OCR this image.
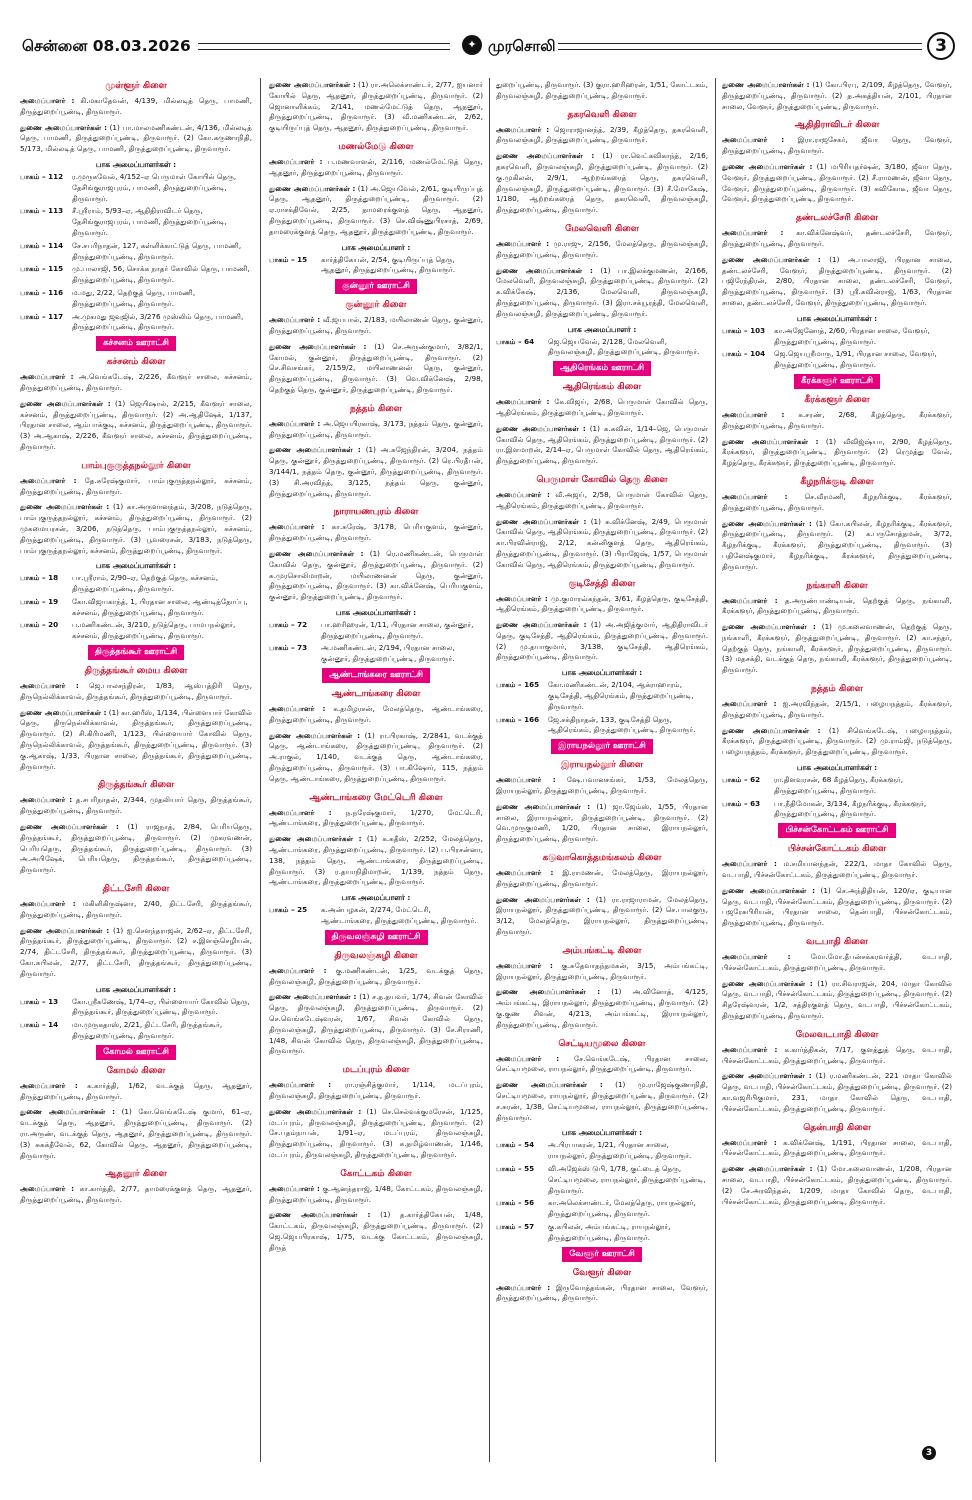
சென்னை 08.03.2026	✦ முரசொலி	3
முள்ளூர் கிளை
அமைப்பாளர் : கி.மகாதேவன், 4/139, மில்லடித் தெரு, பாமணி, திருத்துறைப்பூண்டி, திருவாரூர்.
துணை அமைப்பாளர்கள் : (1) பா.மாலமணிகண்டன், 4/136, மில்லடித் தெரு, பாமணி, திருத்துறைப்பூண்டி, திருவாரூர். (2) கோ.கருணாநிதி, 5/173, மில்லடித் தெரு, பாமணி, திருத்துறைப்பூண்டி, திருவாரூர்.
பாக அமைப்பாளர்கள் :
பாகம் – 112	ர.முருகவேல், 4/152–ஏ பெருமாள் கோயில் தெரு, தேசிங்குராஜபுரம், பாமணி, திருத்துறைப்பூண்டி, திருவாரூர்.
பாகம் – 113	சீ.ஸ்ரீராம், 5/93–ஏ, ஆதிதிராவிடர் தெரு, தேசிங்குராஜபுரம், பாமணி, திருத்துறைப்பூண்டி, திருவாரூர்.
பாகம் – 114	சே.சபரிநாதன், 127, கள்ளிக்காட்டுத் தெரு, பாமணி, திருத்துறைப்பூண்டி, திருவாரூர்.
பாகம் – 115	மு.பாலாஜி, 56, சொக்க நாதர் கோவில் தெரு, பாமணி, திருத்துறைப்பூண்டி, திருவாரூர்.
பாகம் – 116	ம.மது, 2/22, தெற்குத் தெரு, பாமணி, திருத்துறைப்பூண்டி, திருவாரூர்.
பாகம் – 117	அ.முகமது ஜவுஜில், 3/276 முஸ்லிம் தெரு, பாமணி, திருத்துறைப்பூண்டி, திருவாரூர்.
கச்சனம் ஊராட்சி
கச்சனம் கிளை
அமைப்பாளர் : அ.வெங்கடேஷ், 2/226, கீவளூர் சாலை, கச்சனம், திருத்துறைப்பூண்டி, திருவாரூர்.
துணை அமைப்பாளர்கள் : (1) ஜெயிஷால், 2/215, கீவளூர் சாலை, கச்சனம், திருத்துறைப்பூண்டி, திருவாரூர். (2) அ.ஆதிஷேக், 1/137, பிரதான சாலை, ஆம்பாக்குடி, கச்சனம், திருத்துறைப்பூண்டி, திருவாரூர். (3) அ.ஆகாஷ், 2/226, கீவளூர் சாலை, கச்சனம், திருத்துறைப்பூண்டி, திருவாரூர்.
பாம்புகுருத்தநல்லூர் கிளை
அமைப்பாளர் : தே.சுரேஷ்குமார், பாம்புகுருத்தநல்லூர், கச்சனம், திருத்துறைப்பூண்டி, திருவாரூர்.
துணை அமைப்பாளர்கள் : (1) கா.அருளானந்தம், 3/208, நடுத்தெரு, பாம்புகுருத்தநல்லூர், கச்சனம், திருத்துறைப்பூண்டி, திருவாரூர். (2) முகமையரசன், 3/206, நடுத்தெரு, பாம்புகுருத்தநல்லூர், கச்சனம், திருத்துறைப்பூண்டி, திருவாரூர். (3) பூவரைசன், 3/183, நடுத்தெரு, பாம்புகுருத்தநல்லூர், கச்சனம், திருத்துறைப்பூண்டி, திருவாரூர்.
பாக அமைப்பாளர்கள் :
பாகம் – 18	பா.ஸ்ரீராம், 2/90–ஏ, தெற்குத் தெரு, கச்சனம், திருத்துறைப்பூண்டி, திருவாரூர்.
பாகம் – 19	கோ.விஜயகாந்த், 1, பிரதான சாலை, ஆண்டித்தோப்பு, கச்சனம், திருத்துறைப்பூண்டி, திருவாரூர்.
பாகம் – 20	ப.மணிகண்டன், 3/210, நடுத்தெரு, பாமபநல்லூர், கச்சனம், திருத்துறைப்பூண்டி, திருவாரூர்.
திருத்தங்கூர் ஊராட்சி
திருத்தங்கூர் மைய கிளை
அமைப்பாளர் : ஜெ.பாலசந்திரன், 1/83, ஆஸ்பத்திரி தெரு, திருநெல்லிக்காவல், திருத்தங்கூர், திருத்துறைப்பூண்டி, திருவாரூர்.
துணை அமைப்பாளர்கள் : (1) கா.ஹரீஸ், 1/134, பிள்ளையார் கோவில் தெரு, திருநெல்லிக்காவல், திருத்தங்கூர், திருத்துறைப்பூண்டி, திருவாரூர். (2) சி.கிரிமணி, 1/123, பிள்ளையார் கோவில் தெரு, திருநெல்லிக்காவல், திருத்தங்கூர், திருத்துறைப்பூண்டி, திருவாரூர். (3) கு.ஆகாஷ், 1/33, பிரதான சாலை, திருத்தங்கூர், திருத்துறைப்பூண்டி, திருவாரூர்.
திருத்தங்கூர் கிளை
அமைப்பாளர் : த.சபரிநாதன், 2/344, முதலியார் தெரு, திருத்தங்கூர், திருத்துறைப்பூண்டி, திருவாரூர்.
துணை அமைப்பாளர்கள் : (1) ராஜநாத், 2/84, பெரியதெரு, திருத்தங்கூர், திருத்துறைப்பூண்டி, திருவாரூர். (2) முகரவணன், பெரியதெரு, திருத்தங்கூர், திருத்துறைப்பூண்டி, திருவாரூர். (3) அ.அபிஷேக், பெரியதெரு, திருத்தங்கூர், திருத்துறைப்பூண்டி, திருவாரூர்.
திட்டசேரி கிளை
அமைப்பாளர் : மகிளிகிருஷ்னா, 2/40, திட்டசேரி, திருத்தங்கூர், திருத்துறைப்பூண்டி, திருவாரூர்.
துணை அமைப்பாளர்கள் : (1) ஐ.சௌந்தராஜன், 2/62–ஏ, திட்டசேரி, திருத்தங்கூர், திருத்துறைப்பூண்டி, திருவாரூர். (2) ச.இளஞ்செழியன், 2/74, திட்டசேரி, திருத்தங்கூர், திருத்துறைப்பூண்டி, திருவாரூர். (3) கோ.கபிலன், 2/77, திட்டசேரி, திருத்தங்கூர், திருத்துறைப்பூண்டி, திருவாரூர்.
பாக அமைப்பாளர்கள் :
பாகம் – 13	கோ.ஸ்ரீகணேஷ், 1/74–ஏ, பிள்ளையார் கோவில் தெரு, திருத்தங்கூர், திருத்துறைப்பூண்டி, திருவாரூர்.
பாகம் – 14	மா.முருகதாஸ், 2/21, திட்டசேரி, திருத்தங்கூர், திருத்துறைப்பூண்டி, திருவாரூர்.
கோமல் ஊராட்சி
கோமல் கிளை
அமைப்பாளர் : க.கார்த்தி, 1/62, வடக்குத் தெரு, ஆதனூர், திருத்துறைப்பூண்டி, திருவாரூர்.
துணை அமைப்பாளர்கள் : (1) கோ.வெங்கடேஷ் குமார், 61–ஏ, வடக்குத் தெரு, ஆதனூர், திருத்துறைப்பூண்டி, திருவாரூர். (2) ரா.அருண், வடக்குத் தெரு, ஆதனூர், திருத்துறைப்பூண்டி, திருவாரூர். (3) சுசுக்தீவேல், 62, கோவில் தெரு, ஆதனூர், திருத்துறைப்பூண்டி, திருவாரூர்.
ஆதனூர் கிளை
அமைப்பாளர் : கா.கார்த்தி, 2/77, தாமரைக்குளத் தெரு, ஆதனூர், திருத்துறைப்பூண்டி, திருவாரூர்.
துணை அமைப்பாளர்கள் : (1) ரா.அலெக்சாண்டர், 2/77, ஐயனார் கோயில் தெரு, ஆதனூர், திருத்துறைப்பூண்டி, திருவாரூர். (2) ஜொனாளிக்கம், 2/141, மணல்மேட்டுத் தெரு, ஆதனூர், திருத்துறைப்பூண்டி, திருவாரூர். (3) வீ.மணிகண்டன், 2/62, குடியிருப்புத் தெரு, ஆதனூர், திருத்துறைப்பூண்டி, திருவாரூர்.
மணல்மேடு கிளை
அமைப்பாளர் : ப.மணவாளன், 2/116, மணல்மேட்டுத் தெரு, ஆதனூர், திருத்துறைப்பூண்டி, திருவாரூர்.
துணை அமைப்பாளர்கள் : (1) அ.ஜெயவேல், 2/61, குடியிருப்புத் தெரு, ஆதனூர், திருத்துறைப்பூண்டி, திருவாரூர். (2) ஏ.ராசக்திவேல், 2/25, தாமரைக்குளத் தெரு, ஆதனூர், திருத்துறைப்பூண்டி, திருவாரூர். (3) செ.விஷ்ணுபிரசாத், 2/69, தாமரைக்குளத் தெரு, ஆதனூர், திருத்துறைப்பூண்டி, திருவாரூர்.
பாக அமைப்பாளர் :
பாகம் – 15	கார்த்திகேயன், 2/54, குடியிருப்புத் தெரு, ஆதனூர், திருத்துறைப்பூண்டி, திருவாரூர்.
குன்னூர் ஊராட்சி
குன்னூர் கிளை
அமைப்பாளர் : வீ.ஜயபால், 2/183, மயிலாணன் தெரு, குன்னூர், திருத்துறைப்பூண்டி, திருவாரூர்.
துணை அமைப்பாளர்கள் : (1) செ.அருண்குமார், 3/82/1, கோமல், குன்னூர், திருத்துறைப்பூண்டி, திருவாரூர். (2) செ.சிவசங்கர், 2/159/2, மயிலாணனன் தெரு, குன்னூர், திருத்துறைப்பூண்டி, திருவாரூர். (3) வெ.விக்னேஷ், 2/98, தெற்குத் தெரு, குன்னூர், திருத்துறைப்பூண்டி, திருவாரூர்.
நத்தம் கிளை
அமைப்பாளர் : அ.ஜெயபிரகாஷ், 3/173, நத்தம் தெரு, குன்னூர், திருத்துறைப்பூண்டி, திருவாரூர்.
துணை அமைப்பாளர்கள் : (1) அ.சுஜேந்திரன், 3/204, நத்தம் தெரு, குன்னூர், திருத்துறைப்பூண்டி, திருவாரூர். (2) ரெ.பிரதீபன், 3/144/1, நத்தம் தெரு, குன்னூர், திருத்துறைப்பூண்டி, திருவாரூர். (3) சி.அரவிந்த், 3/125, நத்தம் தெரு, குன்னூர், திருத்துறைப்பூண்டி, திருவாரூர்.
நாராயணபுரம் கிளை
அமைப்பாளர் : கா.சுரேஷ், 3/178, பெரியகுளம், குன்னூர், திருத்துறைப்பூண்டி, திருவாரூர்.
துணை அமைப்பாளர்கள் : (1) ரெ.மணிகண்டன், பெருமாள் கோவில் தெரு, குன்னூர், திருத்துறைப்பூண்டி, திருவாரூர். (2) சு.முரசொலிமாறன், மயிலாணனன் தெரு, குன்னூர், திருத்துறைப்பூண்டி, திருவாரூர். (3) கா.விக்னேஷ், பெரியகுளம், குன்னூர், திருத்துறைப்பூண்டி, திருவாரூர்.
பாக அமைப்பாளர்கள் :
பாகம் – 72	பா.ஹரிஹரன், 1/11, பிரதான சாலை, குன்னூர், திருத்துறைப்பூண்டி, திருவாரூர்.
பாகம் – 73	அ.மணிகண்டன், 2/194, பிரதான சாலை, குன்னூர், திருத்துறைப்பூண்டி, திருவாரூர்.
ஆண்டாங்கரை ஊராட்சி
ஆண்டாங்கரை கிளை
அமைப்பாளர் : க.தமிழரசன், மேலத்தெரு, ஆண்டாங்கரை, திருத்துறைப்பூண்டி, திருவாரூர்.
துணை அமைப்பாளர்கள் : (1) ரா.பிரகாஷ், 2/2841, வடக்குத் தெரு, ஆண்டாங்கரை, திருத்துறைப்பூண்டி, திருவாரூர். (2) அ.ராகுல், 1/140, வடக்குத் தெரு, ஆண்டாங்கரை, திருத்துறைப்பூண்டி, திருவாரூர். (3) பா.கிஷோர், 115, நத்தம் தெரு, ஆண்டாங்கரை, திருத்துறைப்பூண்டி, திருவாரூர்.
ஆண்டாங்கரை மேட்டெரி கிளை
அமைப்பாளர் : ந.நரேஷ்குமார், 1/270, மேட்டெரி, ஆண்டாங்கரை, திருத்துறைப்பூண்டி, திருவாரூர்.
துணை அமைப்பாளர்கள் : (1) க.சுதீஸ், 2/252, மேலத்தெரு, ஆண்டாங்கரை, திருத்துறைப்பூண்டி, திருவாரூர். (2) ப.பிரசன்னா, 138, நத்தம் தெரு, ஆண்டாங்கரை, திருத்துறைப்பூண்டி, திருவாரூர். (3) ர.தயாநிதிமாறன், 1/139, நத்தம் தெரு, ஆண்டாங்கரை, திருத்துறைப்பூண்டி, திருவாரூர்.
பாக அமைப்பாளர் :
பாகம் – 25	க.அன்பழகன், 2/274, மேட்டெரி, ஆண்டாங்கரை, திருத்துறைப்பூண்டி, திருவாரூர்.
திருவலஞ்சுழி ஊராட்சி
திருவலஞ்சுழி கிளை
அமைப்பாளர் : கு.மணிகண்டன், 1/25, வடக்குத் தெரு, திருவலஞ்சுழி, திருத்துறைப்பூண்டி, திருவாரூர்.
துணை அமைப்பாளர்கள் : (1) ச.த.தயவர், 1/74, சிவன் கோவில் தெரு, திருவலஞ்சுழி, திருத்துறைப்பூண்டி, திருவாரூர். (2) செ.வெங்கடேஷ்வரன், 1/67, சிவன் கோவில் தெரு, திருவலஞ்சுழி, திருத்துறைப்பூண்டி, திருவாரூர். (3) சே.சிராணி, 1/48, சிவன் கோவில் தெரு, திருவலஞ்சுழி, திருத்துறைப்பூண்டி, திருவாரூர்.
மடப்புரம் கிளை
அமைப்பாளர் : ரா.ரஞ்சித்குமார், 1/114, மடப்புரம், திருவலஞ்சுழி, திருத்துறைப்பூண்டி, திருவாரூர்.
துணை அமைப்பாளர்கள் : (1) செ.செல்வக்குமரேசன், 1/125, மடப்புரம், திருவலஞ்சுழி, திருத்துறைப்பூண்டி, திருவாரூர். (2) சே.பதம்நாபன், 1/91–ஏ, மடப்புரம், திருவலஞ்சுழி, திருத்துறைப்பூண்டி, திருவாரூர். (3) க.தமிழ்வாணன், 1/146, மடப்புரம், திருவலஞ்சுழி, திருத்துறைப்பூண்டி, திருவாரூர்.
கோட்டகம் கிளை
அமைப்பாளர் : கு.ஆனந்தராஜ், 1/48, கோட்டகம், திருவலஞ்சுழி, திருத்துறைப்பூண்டி, திருவாரூர்.
துணை அமைப்பாளர்கள் : (1) த.கார்த்திகேயன், 1/48, கோட்டகம், திருவலஞ்சுழி, திருத்துறைப்பூண்டி, திருவாரூர். (2) ஜெ.ஜெயபிரகாஷ், 1/75, வடக்கு கோட்டகம், திருவலஞ்சுழி, திருத்
துறைப்பூண்டி, திருவாரூர். (3) குரா.ஹரிஹரன், 1/51, கோட்டகம், திருவலஞ்சுழி, திருத்துறைப்பூண்டி, திருவாரூர்.
தகரவெளி கிளை
அமைப்பாளர் : ஜொராஜானந்த், 2/39, கீழத்தெரு, தகரவெளி, திருவலஞ்சுழி, திருத்துறைப்பூண்டி, திருவாரூர்.
துணை அமைப்பாளர்கள் : (1) ரா.வெட்கவிகாந்த், 2/16, தகரவெளி, திருவலஞ்சுழி, திருத்துறைப்பூண்டி, திருவாரூர். (2) கு.முகிலன், 2/9/1, ஆற்றங்கரைத் தெரு, தகரவெளி, திருவலஞ்சுழி, திருத்துறைப்பூண்டி, திருவாரூர். (3) சீ.மோகேஷ், 1/180, ஆற்றங்கரைத் தெரு, தகரவெளி, திருவலஞ்சுழி, திருத்துறைப்பூண்டி, திருவாரூர்.
மேலவெளி கிளை
அமைப்பாளர் : மு.ராஜு, 2/156, மேலத்தெரு, திருவலஞ்சுழி, திருத்துறைப்பூண்டி, திருவாரூர்.
துணை அமைப்பாளர்கள் : (1) பா.இலக்குமணன், 2/166, மேலவெளி, திருவலஞ்சுழி, திருத்துறைப்பூண்டி, திருவாரூர். (2) க.விக்கேஷ், 2/136, மேலவெளி, திருவலஞ்சுழி, திருத்துறைப்பூண்டி, திருவாரூர். (3) இரா.சக்யூரத்தி, மேலவெளி, திருவலஞ்சுழி, திருத்துறைப்பூண்டி, திருவாரூர்.
பாக அமைப்பாளர் :
பாகம் – 64	ஜெ.ஜெயவேல், 2/128, மேலவெளி, திருவலஞ்சுழி, திருத்துறைப்பூண்டி, திருவாரூர்.
ஆதிரெங்கம் ஊராட்சி
ஆதிரெங்கம் கிளை
அமைப்பாளர் : கே.விஜய், 2/68, பெருமாள் கோவில் தெரு, ஆதிரெங்கம், திருத்துறைப்பூண்டி, திருவாரூர்.
துணை அமைப்பாளர்கள் : (1) க.கவின், 1/14–ஜெ, பெருமாள் கோவில் தெரு, ஆதிரெங்கம், திருத்துறைப்பூண்டி, திருவாரூர். (2) ரா.இளமாறன், 2/14–ஏ, பெருமாள் கோவில் தெரு, ஆதிரெங்கம், திருத்துறைப்பூண்டி, திருவாரூர்.
பெருமாள் கோவில் தெரு கிளை
அமைப்பாளர் : வீ.அஜய், 2/58, பெருமாள் கோவில் தெரு, ஆதிரெங்கம், திருத்துறைப்பூண்டி, திருவாரூர்.
துணை அமைப்பாளர்கள் : (1) சு.விக்னேஷ், 2/49, பெருமாள் கோவில் தெரு, ஆதிரெங்கம், திருத்துறைப்பூண்டி, திருவாரூர். (2) கா.பிரவின்ராஜ், 2/12, கன்னிகுளத் தெரு, ஆதிரெங்கம், திருத்துறைப்பூண்டி, திருவாரூர். (3) பிராஜேஷ், 1/57, பெருமாள் கோவில் தெரு, ஆதிரெங்கம், திருத்துறைப்பூண்டி, திருவாரூர்.
குடிசேத்தி கிளை
அமைப்பாளர் : மு.குமாரவ்கந்தன், 3/61, கீழத்தெரு, குடிசேத்தி, ஆதிரெங்கம், திருத்துறைப்பூண்டி, திருவாரூர்.
துணை அமைப்பாளர்கள் : (1) அ.அஜித்குமார், ஆதிதிராவிடர் தெரு, குடிசேத்தி, ஆதிரெங்கம், திருத்துறைப்பூண்டி, திருவாரூர். (2) மு.தயாகுமார், 3/138, குடிசேத்தி, ஆதிரெங்கம், திருத்துறைப்பூண்டி, திருவாரூர்.
பாக அமைப்பாளர்கள் :
பாகம் – 165	கோ.மணிகண்டன், 2/104, ஆக்ராஹாரம், குடிசேத்தி, ஆதிரெங்கம், திருத்துறைப்பூண்டி, திருவாரூர்.
பாகம் – 166	ஜே.சக்திநாதன், 133, குடிசேத்தி தெரு, ஆதிரெங்கம், திருத்துறைப்பூண்டி, திருவாரூர்.
இராயநல்லூர் ஊராட்சி
இராயநல்லூர் கிளை
அமைப்பாளர் : ஷே.பவானசங்கர், 1/53, மேலத்தெரு, இராயநல்லூர், திருத்துறைப்பூண்டி, திருவாரூர்.
துணை அமைப்பாளர்கள் : (1) ஜா.ஜேம்ஸ், 1/55, பிரதான சாலை, இராயநல்லூர், திருத்துறைப்பூண்டி, திருவாரூர். (2) வெ.முருகுமணி, 1/20, பிரதான சாலை, இராயநல்லூர், திருத்துறைப்பூண்டி, திருவாரூர்.
கடுவாகொத்தமங்கலம் கிளை
அமைப்பாளர் : இ.ராமணன், மேலத்தெரு, இராயநல்லூர், திருத்துறைப்பூண்டி, திருவாரூர்.
துணை அமைப்பாளர்கள் : (1) ரா.ராஜாராமன், மேலத்தெரு, இராயநல்லூர், திருத்துறைப்பூண்டி, திருவாரூர். (2) செ.பாலகுரு, 3/12, மேலத்தெரு, இராயநல்லூர், திருத்துறைப்பூண்டி, திருவாரூர்.
அம்பங்கட்டி கிளை
அமைப்பாளர் : கு.சுதேவாதந்தமகன், 3/15, அம்பங்கட்டி, இராயநல்லூர், திருத்துறைப்பூண்டி, திருவாரூர்.
துணை அமைப்பாளர்கள் : (1) அ.வினோத், 4/125, அம்பங்கட்டி, இராயநல்லூர், திருத்துறைப்பூண்டி, திருவாரூர். (2) கு.குண சிவன், 4/213, அம்பங்கட்டி, இராயநல்லூர், திருத்துறைப்பூண்டி, திருவாரூர்.
செட்டியமூலை கிளை
அமைப்பாளர் : சே.வெங்கடேஷ், பிரதான சாலை, செட்டியமூலை, ராயநல்லூர், திருத்துறைப்பூண்டி, திருவாரூர்.
துணை அமைப்பாளர்கள் : (1) மு.ராஜேஷ்குணாநிதி, செட்டியமூலை, ராயநல்லூர், திருத்துறைப்பூண்டி, திருவாரூர். (2) ச.சுரண், 1/38, செட்டியமூலை, ராயநல்லூர், திருத்துறைப்பூண்டி, திருவாரூர்.
பாக அமைப்பாளர்கள் :
பாகம் – 54	அ.பிரபாகரன், 1/21, பிரதான சாலை, ராயநல்லூர், திருத்துறைப்பூண்டி, திருவாரூர்.
பாகம் – 55	வி.அஜேக்ஸ் டுபி, 1/78, குட்டைத் தெரு, செட்டியமூலை, ராயநல்லூர், திருத்துறைப்பூண்டி, திருவாரூர்.
பாகம் – 56	கா.அலெக்சாண்டர், மேலத்தெரு, ராயநல்லூர், திருத்துறைப்பூண்டி, திருவாரூர்.
பாகம் – 57	கு.கபிலன், அம்பங்கட்டி, ராயநல்லூர், திருத்துறைப்பூண்டி, திருவாரூர்.
வேளூர் ஊராட்சி
வேளூர் கிளை
அமைப்பாளர் : இருவோத்தங்கன், பிரதான சாலை, வேளூர், திருத்துறைப்பூண்டி, திருவாரூர்.
துணை அமைப்பாளர்கள் : (1) கோ.பிரபு, 2/109, கீழத்தெரு, வேளூர், திருத்துறைப்பூண்டி, திருவாரூர். (2) த.அகத்தியன், 2/101, பிரதான சாலை, வேளூர், திருத்துறைப்பூண்டி, திருவாரூர்.
ஆதிதிராவிடர் கிளை
அமைப்பாளர் : இரா.ராஜசேகர், ஜீவா தெரு, வேளூர், திருத்துறைப்பூண்டி, திருவாரூர்.
துணை அமைப்பாளர்கள் : (1) மபிரியதர்ஷன், 3/180, ஜீவா தெரு, வேளூர், திருத்துறைப்பூண்டி, திருவாரூர். (2) சீ.ராமணன், ஜீவா தெரு, வேளூர், திருத்துறைப்பூண்டி, திருவாரூர். (3) கவிகோடீ, ஜீவா தெரு, வேளூர், திருத்துறைப்பூண்டி, திருவாரூர்.
தண்டலச்சேரி கிளை
அமைப்பாளர் : கா.விக்னேஷ்வர், தண்டலச்சேரி, வேளூர், திருத்துறைப்பூண்டி, திருவாரூர்.
துணை அமைப்பாளர்கள் : (1) அ.பாலாஜி, பிரதான சாலை, தண்டலச்சேரி, வேளூர், திருத்துறைப்பூண்டி, திருவாரூர். (2) பஜிரேந்திரன், 2/80, பிரதான சாலை, தண்டலச்சேரி, வேளூர், திருத்துறைப்பூண்டி, திருவாரூர். (3) ஸ்ரீ.கவின்ராஜ், 1/63, பிரதான சாலை, தண்டலச்சேரி, வேளூர், திருத்துறைப்பூண்டி, திருவாரூர்.
பாக அமைப்பாளர்கள் :
பாகம் – 103	கா.அஜேனோத், 2/60, பிரதான சாலை, வேளூர், திருத்துறைப்பூண்டி, திருவாரூர்.
பாகம் – 104	ஜெ.ஜெயஸ்ரீமாரு, 1/91, பிரதான சாலை, வேளூர், திருத்துறைப்பூண்டி, திருவாரூர்.
கீரக்களூர் ஊராட்சி
கீரக்களூர் கிளை
அமைப்பாளர் : க.சரண், 2/68, கீழத்தெரு, கீரக்களூர், திருத்துறைப்பூண்டி, திருவாரூர்.
துணை அமைப்பாளர்கள் : (1) வீவிஜ்ஷ்யா, 2/90, கீழத்தெரு, கீரக்களூர், திருத்துறைப்பூண்டி, திருவாரூர். (2) ரெமுத்து வேல், கீழத்தெரு, கீரக்களூர், திருத்துறைப்பூண்டி, திருவாரூர்.
கீழநரிக்குடி கிளை
அமைப்பாளர் : செ.வீரமணி, கீழநரிக்குடி, கீரக்களூர், திருத்துறைப்பூண்டி, திருவாரூர்.
துணை அமைப்பாளர்கள் : (1) கோ.கபிலன், கீழநரிக்குடி, கீரக்களூர், திருத்துறைப்பூண்டி, திருவாரூர். (2) க.பருசோத்தமன், 3/72, கீழநரிக்குடி, கீரக்களூர், திருத்துறைப்பூண்டி, திருவாரூர். (3) பதினேஷ்குமார், கீழநரிக்குடி, கீரக்களூர், திருத்துறைப்பூண்டி, திருவாரூர்.
நங்காளி கிளை
அமைப்பாளர் : த.அருண்பாண்டியன், தெற்குத் தெரு, நங்காளி, கீரக்களூர், திருத்துறைப்பூண்டி, திருவாரூர்.
துணை அமைப்பாளர்கள் : (1) மு.கலைவாணன், தெற்குத் தெரு, நங்காளி, கீரக்களூர், திருத்துறைப்பூண்டி, திருவாரூர். (2) கா.சந்தர், தெற்குத் தெரு, நங்காளி, கீரக்களூர், திருத்துறைப்பூண்டி, திருவாரூர். (3) மதசக்தி, வடக்குத் தெரு, நங்காளி, கீரக்களூர், திருத்துறைப்பூண்டி, திருவாரூர்.
நத்தம் கிளை
அமைப்பாளர் : ஐ.அரவிந்தன், 2/15/1, பழையநத்தம், கீரக்களூர், திருத்துறைப்பூண்டி, திருவாரூர்.
துணை அமைப்பாளர்கள் : (1) சிவெங்கடேஷ், பழையநத்தம், கீரக்களூர், திருத்துறைப்பூண்டி, திருவாரூர். (2) மு.ராம்ஜி, நடுத்தெரு, பழையநத்தம், கீரக்களூர், திருத்துறைப்பூண்டி, திருவாரூர்.
பாக அமைப்பாளர்கள் :
பாகம் – 62	ரா.திளவரசன், 68 கீழத்தெரு, கீரக்களூர், திருத்துறைப்பூண்டி, திருவாரூர்.
பாகம் – 63	பா.நீதிமோகன், 3/134, கீழநரிக்குடி, கீரக்களூர், திருத்துறைப்பூண்டி, திருவாரூர்.
பிச்சன்கோட்டகம் ஊராட்சி
பிச்சன்கோட்டகம் கிளை
அமைப்பாளர் : ம.சமியானந்தன், 222/1, மாதா கோவில் தெரு, வடபாதி, பிச்சன்கோட்டகம், திருத்துறைப்பூண்டி, திருவாரூர்.
துணை அமைப்பாளர்கள் : (1) செ.அந்திதியன், 120/ஏ, குடியான தெரு, வடபாதி, பிச்சன்கோட்டகம், திருத்துறைப்பூண்டி, திருவாரூர். (2) பஜரேசுபிரியன், பிரதான சாலை, தென்பாதி, பிச்சன்கோட்டகம், திருத்துறைப்பூண்டி, திருவாரூர்.
வடபாதி கிளை
அமைப்பாளர் :	மோ.மோ.தீபன்சக்கரவர்த்தி, வடபாதி, பிச்சன்கோட்டகம், திருத்துறைப்பூண்டி, திருவாரூர்.
துணை அமைப்பாளர்கள் : (1) ரா.சிவராஜன், 204, மாதா கோவில் தெரு, வடபாதி, பிச்சன்கோட்டகம், திருத்துறைப்பூண்டி, திருவாரூர். (2) சிதரேஷ்வரன், 1/2, சத்திரகுளத் தெரு, வடபாதி, பிச்சன்கோட்டகம், திருத்துறைப்பூண்டி, திருவாரூர்.
மேலவடபாதி கிளை
அமைப்பாளர் : க.கார்த்திகன், 7/17, குளத்துத் தெரு, வடபாதி, பிச்சன்கோட்டகம், திருத்துறைப்பூண்டி, திருவாரூர்.
துணை அமைப்பாளர்கள் : (1) ர.மணிகண்டன், 221 மாதா கோவில் தெரு, வடபாதி, பிச்சன்கோட்டகம், திருத்துறைப்பூண்டி, திருவாரூர். (2) கா.வஜரிபிகுமார், 231, மாதா கோவில் தெரு, வடபாதி, பிச்சன்கோட்டகம், திருத்துறைப்பூண்டி, திருவாரூர்.
தென்பாதி கிளை
அமைப்பாளர் : க.விக்னேஷ், 1/191, பிரதான சாலை, வடபாதி, பிச்சன்கோட்டகம், திருத்துறைப்பூண்டி, திருவாரூர்.
துணை அமைப்பாளர்கள் : (1) மோ.கலைவாணன், 1/208, பிரதான சாலை, வடபாதி, பிச்சன்கோட்டகம், திருத்துறைப்பூண்டி, திருவாரூர். (2) சே.அரவிந்தன், 1/209, மாதா கோவில் தெரு, வடபாதி, பிச்சன்கோட்டகம், திருத்துறைப்பூண்டி, திருவாரூர்.
3
